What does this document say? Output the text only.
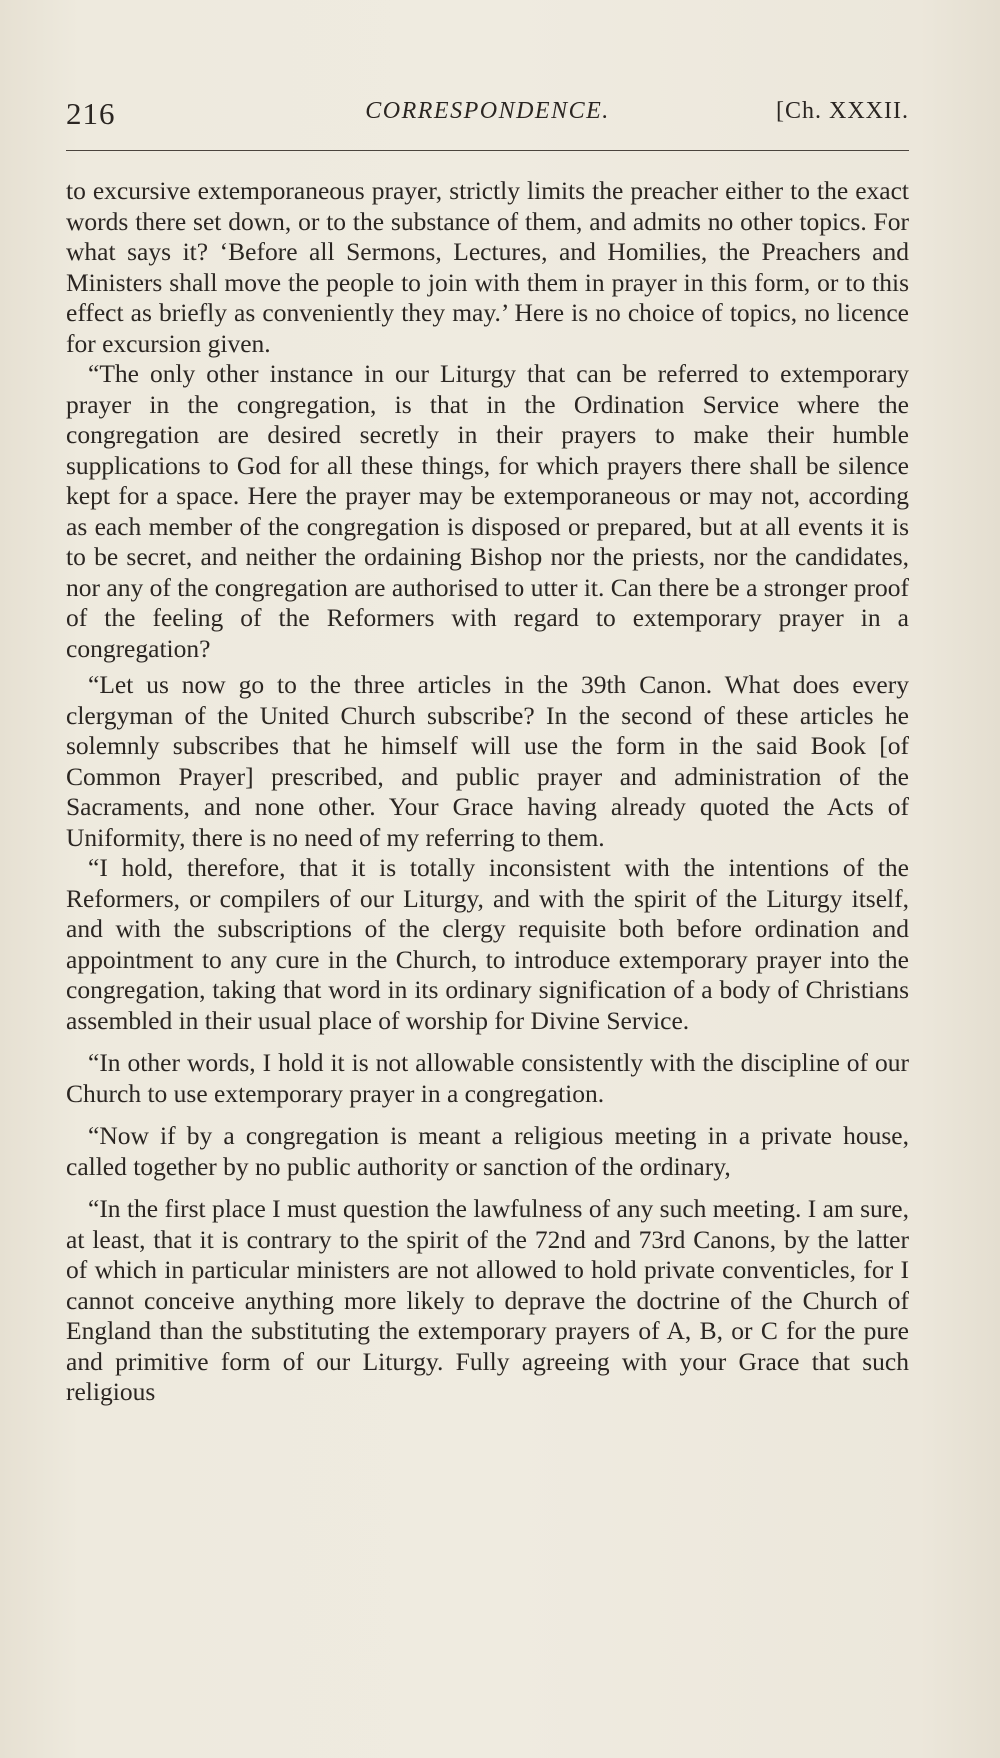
216	CORRESPONDENCE.	[Ch. XXXII.

to excursive extemporaneous prayer, strictly limits the preacher either to the exact words there set down, or to the substance of them, and admits no other topics. For what says it? ‘Before all Sermons, Lectures, and Homilies, the Preachers and Ministers shall move the people to join with them in prayer in this form, or to this effect as briefly as conveniently they may.’ Here is no choice of topics, no licence for excursion given.

“The only other instance in our Liturgy that can be referred to extemporary prayer in the congregation, is that in the Ordination Service where the congregation are desired secretly in their prayers to make their humble supplications to God for all these things, for which prayers there shall be silence kept for a space. Here the prayer may be extemporaneous or may not, according as each member of the congregation is disposed or prepared, but at all events it is to be secret, and neither the ordaining Bishop nor the priests, nor the candidates, nor any of the congregation are authorised to utter it. Can there be a stronger proof of the feeling of the Reformers with regard to extemporary prayer in a congregation?

“Let us now go to the three articles in the 39th Canon. What does every clergyman of the United Church subscribe? In the second of these articles he solemnly subscribes that he himself will use the form in the said Book [of Common Prayer] prescribed, and public prayer and administration of the Sacraments, and none other. Your Grace having already quoted the Acts of Uniformity, there is no need of my referring to them.

“I hold, therefore, that it is totally inconsistent with the intentions of the Reformers, or compilers of our Liturgy, and with the spirit of the Liturgy itself, and with the subscriptions of the clergy requisite both before ordination and appointment to any cure in the Church, to introduce extemporary prayer into the congregation, taking that word in its ordinary signification of a body of Christians assembled in their usual place of worship for Divine Service.

“In other words, I hold it is not allowable consistently with the discipline of our Church to use extemporary prayer in a congregation.

“Now if by a congregation is meant a religious meeting in a private house, called together by no public authority or sanction of the ordinary,

“In the first place I must question the lawfulness of any such meeting. I am sure, at least, that it is contrary to the spirit of the 72nd and 73rd Canons, by the latter of which in particular ministers are not allowed to hold private conventicles, for I cannot conceive anything more likely to deprave the doctrine of the Church of England than the substituting the extemporary prayers of A, B, or C for the pure and primitive form of our Liturgy. Fully agreeing with your Grace that such religious
